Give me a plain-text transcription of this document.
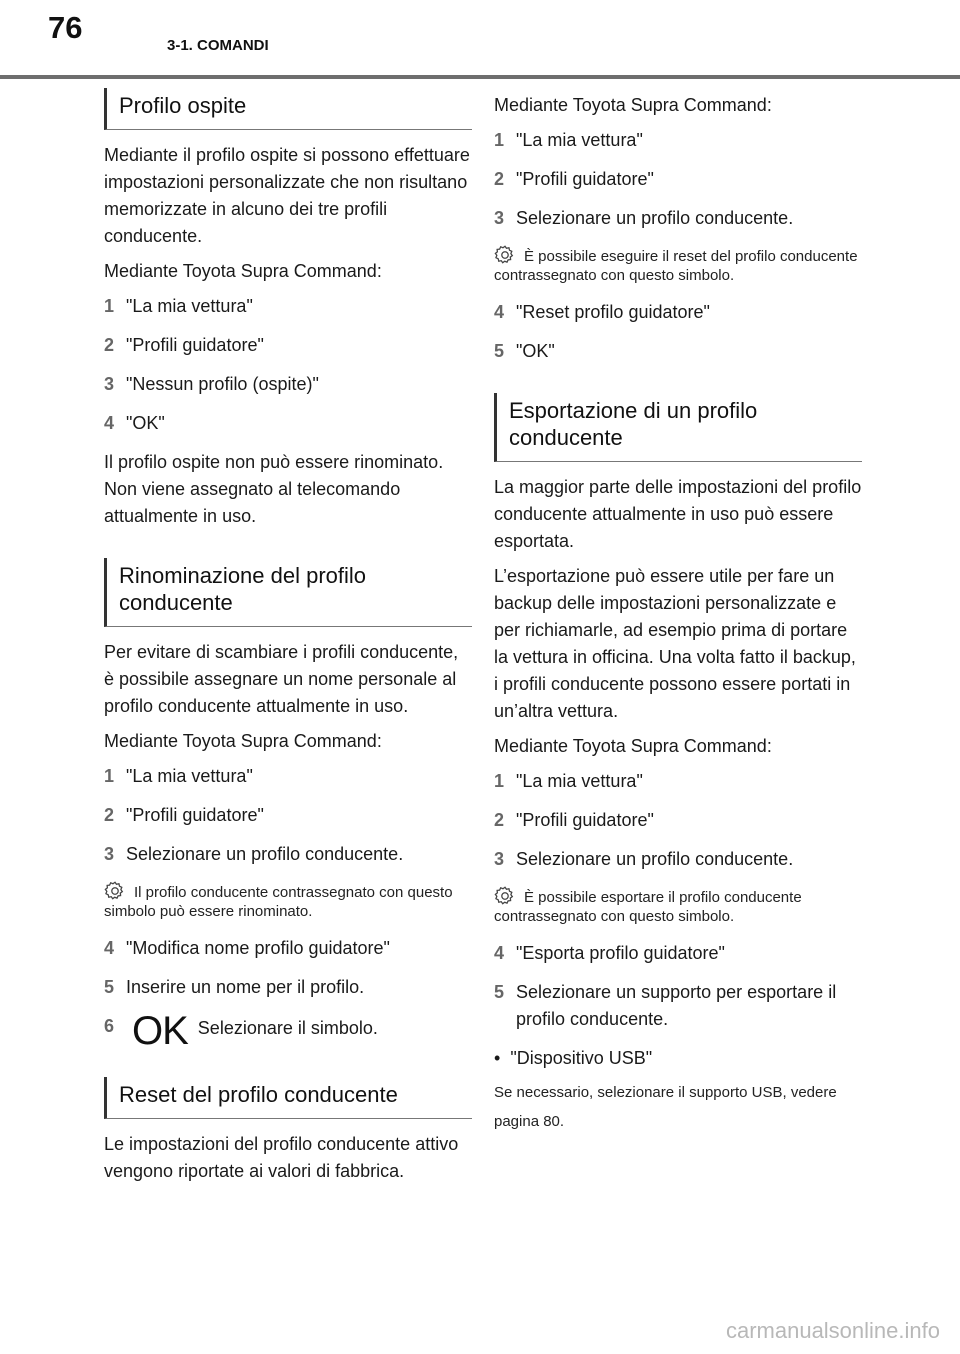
76
3-1. COMANDI
Profilo ospite

Mediante il profilo ospite si possono effettuare impostazioni personalizzate che non risultano memorizzate in alcuno dei tre profili conducente.

Mediante Toyota Supra Command:

1 "La mia vettura"
2 "Profili guidatore"
3 "Nessun profilo (ospite)"
4 "OK"

Il profilo ospite non può essere rinominato. Non viene assegnato al telecomando attualmente in uso.

Rinominazione del profilo conducente

Per evitare di scambiare i profili conducente, è possibile assegnare un nome personale al profilo conducente attualmente in uso.

Mediante Toyota Supra Command:

1 "La mia vettura"
2 "Profili guidatore"
3 Selezionare un profilo conducente.
Il profilo conducente contrassegnato con questo simbolo può essere rinominato.
4 "Modifica nome profilo guidatore"
5 Inserire un nome per il profilo.
6 OK Selezionare il simbolo.
Reset del profilo conducente

Le impostazioni del profilo conducente attivo vengono riportate ai valori di fabbrica.

Mediante Toyota Supra Command:

1 "La mia vettura"
2 "Profili guidatore"
3 Selezionare un profilo conducente.
È possibile eseguire il reset del profilo conducente contrassegnato con questo simbolo.
4 "Reset profilo guidatore"
5 "OK"
Esportazione di un profilo conducente

La maggior parte delle impostazioni del profilo conducente attualmente in uso può essere esportata.

L’esportazione può essere utile per fare un backup delle impostazioni personalizzate e per richiamarle, ad esempio prima di portare la vettura in officina. Una volta fatto il backup, i profili conducente possono essere portati in un’altra vettura.

Mediante Toyota Supra Command:

1 "La mia vettura"
2 "Profili guidatore"
3 Selezionare un profilo conducente.
È possibile esportare il profilo conducente contrassegnato con questo simbolo.
4 "Esporta profilo guidatore"
5 Selezionare un supporto per esportare il profilo conducente.
•  "Dispositivo USB"

Se necessario, selezionare il supporto USB, vedere pagina 80.

carmanualsonline.info
